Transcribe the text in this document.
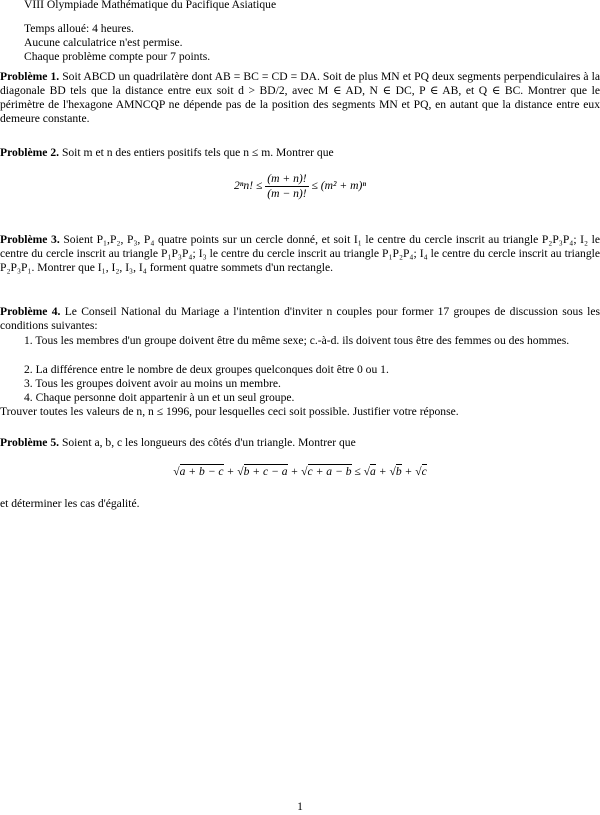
VIII Olympiade Mathématique du Pacifique Asiatique
Temps alloué: 4 heures.
Aucune calculatrice n'est permise.
Chaque problème compte pour 7 points.
Problème 1. Soit ABCD un quadrilatère dont AB = BC = CD = DA. Soit de plus MN et PQ deux segments perpendiculaires à la diagonale BD tels que la distance entre eux soit d > BD/2, avec M ∈ AD, N ∈ DC, P ∈ AB, et Q ∈ BC. Montrer que le périmètre de l'hexagone AMNCQP ne dépende pas de la position des segments MN et PQ, en autant que la distance entre eux demeure constante.
Problème 2. Soit m et n des entiers positifs tels que n ≤ m. Montrer que
2ⁿn! ≤ $\frac{(m + n)!}{(m - n)!} \le (m^2 + m)^n$
Problème 3. Soient P₁,P₂, P₃, P₄ quatre points sur un cercle donné, et soit I₁ le centre du cercle inscrit au triangle P₂P₃P₄; I₂ le centre du cercle inscrit au triangle P₁P₃P₄; I₃ le centre du cercle inscrit au triangle P₁P₂P₄; I₄ le centre du cercle inscrit au triangle P₂P₃P₁. Montrer que I₁, I₂, I₃, I₄ forment quatre sommets d'un rectangle.
Problème 4. Le Conseil National du Mariage a l'intention d'inviter n couples pour former 17 groupes de discussion sous les conditions suivantes:
1. Tous les membres d'un groupe doivent être du même sexe; c.-à-d. ils doivent tous être des femmes ou des hommes.
2. La différence entre le nombre de deux groupes quelconques doit être 0 ou 1.
3. Tous les groupes doivent avoir au moins un membre.
4. Chaque personne doit appartenir à un et un seul groupe.
Trouver toutes les valeurs de n, n ≤ 1996, pour lesquelles ceci soit possible. Justifier votre réponse.
Problème 5. Soient a, b, c les longueurs des côtés d'un triangle. Montrer que
√a + b − c + √b + c − a + √c + a − b ≤ √a + √b + √c
et déterminer les cas d'égalité.
1
